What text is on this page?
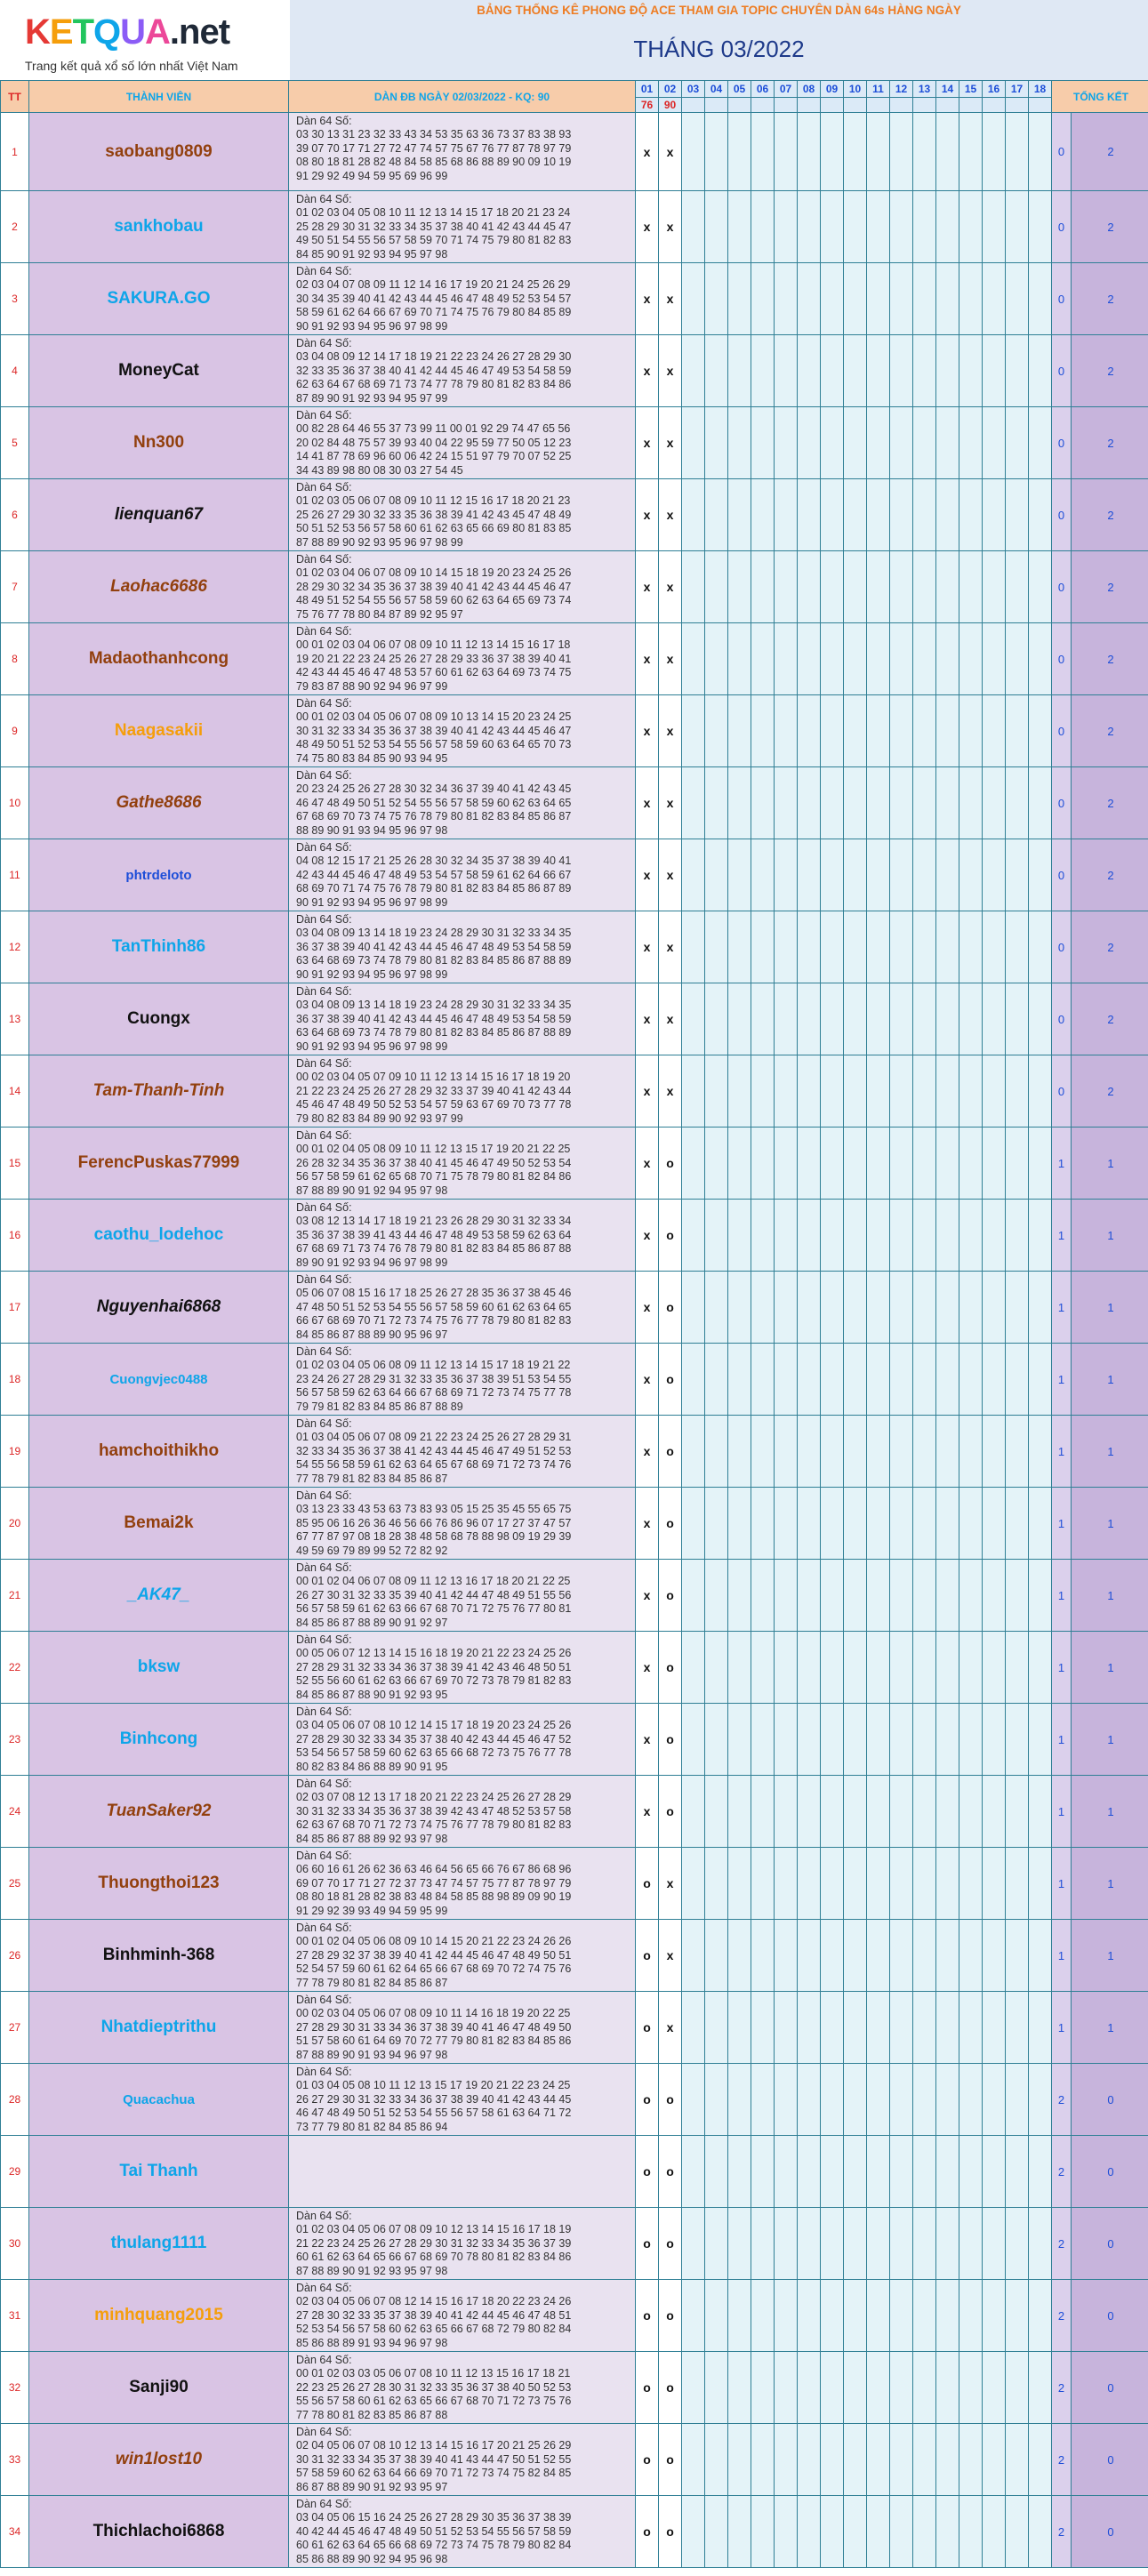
KETQUA.net
Trang kết quả xổ số lớn nhất Việt Nam
BẢNG THỐNG KÊ PHONG ĐỘ ACE THAM GIA TOPIC CHUYÊN DÀN 64s HÀNG NGÀY
THÁNG 03/2022
TT	THÀNH VIÊN	DÀN ĐB NGÀY 02/03/2022 - KQ: 90	01	02	03	04	05	06	07	08	09	10	11	12	13	14	15	16	17	18	TỔNG KẾT	
			76	90																		
1	saobang0809	Dàn 64 Số:
03 30 13 31 23 32 33 43 34 53 35 63 36 73 37 83 38 93
39 07 70 17 71 27 72 47 74 57 75 67 76 77 87 78 97 79
08 80 18 81 28 82 48 84 58 85 68 86 88 89 90 09 10 19
91 29 92 49 94 59 95 69 96 99	x	x																	0	2
2	sankhobau	Dàn 64 Số:
01 02 03 04 05 08 10 11 12 13 14 15 17 18 20 21 23 24
25 28 29 30 31 32 33 34 35 37 38 40 41 42 43 44 45 47
49 50 51 54 55 56 57 58 59 70 71 74 75 79 80 81 82 83
84 85 90 91 92 93 94 95 97 98	x	x																	0	2
3	SAKURA.GO	Dàn 64 Số:
02 03 04 07 08 09 11 12 14 16 17 19 20 21 24 25 26 29
30 34 35 39 40 41 42 43 44 45 46 47 48 49 52 53 54 57
58 59 61 62 64 66 67 69 70 71 74 75 76 79 80 84 85 89
90 91 92 93 94 95 96 97 98 99	x	x																	0	2
4	MoneyCat	Dàn 64 Số:
03 04 08 09 12 14 17 18 19 21 22 23 24 26 27 28 29 30
32 33 35 36 37 38 40 41 42 44 45 46 47 49 53 54 58 59
62 63 64 67 68 69 71 73 74 77 78 79 80 81 82 83 84 86
87 89 90 91 92 93 94 95 97 99	x	x																	0	2
5	Nn300	Dàn 64 Số:
00 82 28 64 46 55 37 73 99 11 00 01 92 29 74 47 65 56
20 02 84 48 75 57 39 93 40 04 22 95 59 77 50 05 12 23
14 41 87 78 69 96 60 06 42 24 15 51 97 79 70 07 52 25
34 43 89 98 80 08 30 03 27 54 45	x	x																	0	2
6	lienquan67	Dàn 64 Số:
01 02 03 05 06 07 08 09 10 11 12 15 16 17 18 20 21 23
25 26 27 29 30 32 33 35 36 38 39 41 42 43 45 47 48 49
50 51 52 53 56 57 58 60 61 62 63 65 66 69 80 81 83 85
87 88 89 90 92 93 95 96 97 98 99	x	x																	0	2
7	Laohac6686	Dàn 64 Số:
01 02 03 04 06 07 08 09 10 14 15 18 19 20 23 24 25 26
28 29 30 32 34 35 36 37 38 39 40 41 42 43 44 45 46 47
48 49 51 52 54 55 56 57 58 59 60 62 63 64 65 69 73 74
75 76 77 78 80 84 87 89 92 95 97	x	x																	0	2
8	Madaothanhcong	Dàn 64 Số:
00 01 02 03 04 06 07 08 09 10 11 12 13 14 15 16 17 18
19 20 21 22 23 24 25 26 27 28 29 33 36 37 38 39 40 41
42 43 44 45 46 47 48 53 57 60 61 62 63 64 69 73 74 75
79 83 87 88 90 92 94 96 97 99	x	x																	0	2
9	Naagasakii	Dàn 64 Số:
00 01 02 03 04 05 06 07 08 09 10 13 14 15 20 23 24 25
30 31 32 33 34 35 36 37 38 39 40 41 42 43 44 45 46 47
48 49 50 51 52 53 54 55 56 57 58 59 60 63 64 65 70 73
74 75 80 83 84 85 90 93 94 95	x	x																	0	2
10	Gathe8686	Dàn 64 Số:
20 23 24 25 26 27 28 30 32 34 36 37 39 40 41 42 43 45
46 47 48 49 50 51 52 54 55 56 57 58 59 60 62 63 64 65
67 68 69 70 73 74 75 76 78 79 80 81 82 83 84 85 86 87
88 89 90 91 93 94 95 96 97 98	x	x																	0	2
11	phtrdeloto	Dàn 64 Số:
04 08 12 15 17 21 25 26 28 30 32 34 35 37 38 39 40 41
42 43 44 45 46 47 48 49 53 54 57 58 59 61 62 64 66 67
68 69 70 71 74 75 76 78 79 80 81 82 83 84 85 86 87 89
90 91 92 93 94 95 96 97 98 99	x	x																	0	2
12	TanThinh86	Dàn 64 Số:
03 04 08 09 13 14 18 19 23 24 28 29 30 31 32 33 34 35
36 37 38 39 40 41 42 43 44 45 46 47 48 49 53 54 58 59
63 64 68 69 73 74 78 79 80 81 82 83 84 85 86 87 88 89
90 91 92 93 94 95 96 97 98 99	x	x																	0	2
13	Cuongx	Dàn 64 Số:
03 04 08 09 13 14 18 19 23 24 28 29 30 31 32 33 34 35
36 37 38 39 40 41 42 43 44 45 46 47 48 49 53 54 58 59
63 64 68 69 73 74 78 79 80 81 82 83 84 85 86 87 88 89
90 91 92 93 94 95 96 97 98 99	x	x																	0	2
14	Tam-Thanh-Tinh	Dàn 64 Số:
00 02 03 04 05 07 09 10 11 12 13 14 15 16 17 18 19 20
21 22 23 24 25 26 27 28 29 32 33 37 39 40 41 42 43 44
45 46 47 48 49 50 52 53 54 57 59 63 67 69 70 73 77 78
79 80 82 83 84 89 90 92 93 97 99	x	x																	0	2
15	FerencPuskas77999	Dàn 64 Số:
00 01 02 04 05 08 09 10 11 12 13 15 17 19 20 21 22 25
26 28 32 34 35 36 37 38 40 41 45 46 47 49 50 52 53 54
56 57 58 59 61 62 65 68 70 71 75 78 79 80 81 82 84 86
87 88 89 90 91 92 94 95 97 98	x	o																	1	1
16	caothu_lodehoc	Dàn 64 Số:
03 08 12 13 14 17 18 19 21 23 26 28 29 30 31 32 33 34
35 36 37 38 39 41 43 44 46 47 48 49 53 58 59 62 63 64
67 68 69 71 73 74 76 78 79 80 81 82 83 84 85 86 87 88
89 90 91 92 93 94 96 97 98 99	x	o																	1	1
17	Nguyenhai6868	Dàn 64 Số:
05 06 07 08 15 16 17 18 25 26 27 28 35 36 37 38 45 46
47 48 50 51 52 53 54 55 56 57 58 59 60 61 62 63 64 65
66 67 68 69 70 71 72 73 74 75 76 77 78 79 80 81 82 83
84 85 86 87 88 89 90 95 96 97	x	o																	1	1
18	Cuongvjec0488	Dàn 64 Số:
01 02 03 04 05 06 08 09 11 12 13 14 15 17 18 19 21 22
23 24 26 27 28 29 31 32 33 35 36 37 38 39 51 53 54 55
56 57 58 59 62 63 64 66 67 68 69 71 72 73 74 75 77 78
79 79 81 82 83 84 85 86 87 88 89	x	o																	1	1
19	hamchoithikho	Dàn 64 Số:
01 03 04 05 06 07 08 09 21 22 23 24 25 26 27 28 29 31
32 33 34 35 36 37 38 41 42 43 44 45 46 47 49 51 52 53
54 55 56 58 59 61 62 63 64 65 67 68 69 71 72 73 74 76
77 78 79 81 82 83 84 85 86 87	x	o																	1	1
20	Bemai2k	Dàn 64 Số:
03 13 23 33 43 53 63 73 83 93 05 15 25 35 45 55 65 75
85 95 06 16 26 36 46 56 66 76 86 96 07 17 27 37 47 57
67 77 87 97 08 18 28 38 48 58 68 78 88 98 09 19 29 39
49 59 69 79 89 99 52 72 82 92	x	o																	1	1
21	_AK47_	Dàn 64 Số:
00 01 02 04 06 07 08 09 11 12 13 16 17 18 20 21 22 25
26 27 30 31 32 33 35 39 40 41 42 44 47 48 49 51 55 56
56 57 58 59 61 62 63 66 67 68 70 71 72 75 76 77 80 81
84 85 86 87 88 89 90 91 92 97	x	o																	1	1
22	bksw	Dàn 64 Số:
00 05 06 07 12 13 14 15 16 18 19 20 21 22 23 24 25 26
27 28 29 31 32 33 34 36 37 38 39 41 42 43 46 48 50 51
52 55 56 60 61 62 63 66 67 69 70 72 73 78 79 81 82 83
84 85 86 87 88 90 91 92 93 95	x	o																	1	1
23	Binhcong	Dàn 64 Số:
03 04 05 06 07 08 10 12 14 15 17 18 19 20 23 24 25 26
27 28 29 30 32 33 34 35 37 38 40 42 43 44 45 46 47 52
53 54 56 57 58 59 60 62 63 65 66 68 72 73 75 76 77 78
80 82 83 84 86 88 89 90 91 95	x	o																	1	1
24	TuanSaker92	Dàn 64 Số:
02 03 07 08 12 13 17 18 20 21 22 23 24 25 26 27 28 29
30 31 32 33 34 35 36 37 38 39 42 43 47 48 52 53 57 58
62 63 67 68 70 71 72 73 74 75 76 77 78 79 80 81 82 83
84 85 86 87 88 89 92 93 97 98	x	o																	1	1
25	Thuongthoi123	Dàn 64 Số:
06 60 16 61 26 62 36 63 46 64 56 65 66 76 67 86 68 96
69 07 70 17 71 27 72 37 73 47 74 57 75 77 87 78 97 79
08 80 18 81 28 82 38 83 48 84 58 85 88 98 89 09 90 19
91 29 92 39 93 49 94 59 95 99	o	x																	1	1
26	Binhminh-368	Dàn 64 Số:
00 01 02 04 05 06 08 09 10 14 15 20 21 22 23 24 26 26
27 28 29 32 37 38 39 40 41 42 44 45 46 47 48 49 50 51
52 54 57 59 60 61 62 64 65 66 67 68 69 70 72 74 75 76
77 78 79 80 81 82 84 85 86 87	o	x																	1	1
27	Nhatdieptrithu	Dàn 64 Số:
00 02 03 04 05 06 07 08 09 10 11 14 16 18 19 20 22 25
27 28 29 30 31 33 34 36 37 38 39 40 41 46 47 48 49 50
51 57 58 60 61 64 69 70 72 77 79 80 81 82 83 84 85 86
87 88 89 90 91 93 94 96 97 98	o	x																	1	1
28	Quacachua	Dàn 64 Số:
01 03 04 05 08 10 11 12 13 15 17 19 20 21 22 23 24 25
26 27 29 30 31 32 33 34 36 37 38 39 40 41 42 43 44 45
46 47 48 49 50 51 52 53 54 55 56 57 58 61 63 64 71 72
73 77 79 80 81 82 84 85 86 94	o	o																	2	0
29	Tai Thanh		o	o																	2	0
30	thulang1111	Dàn 64 Số:
01 02 03 04 05 06 07 08 09 10 12 13 14 15 16 17 18 19
21 22 23 24 25 26 27 28 29 30 31 32 33 34 35 36 37 39
60 61 62 63 64 65 66 67 68 69 70 78 80 81 82 83 84 86
87 88 89 90 91 92 93 95 97 98	o	o																	2	0
31	minhquang2015	Dàn 64 Số:
02 03 04 05 06 07 08 12 14 15 16 17 18 20 22 23 24 26
27 28 30 32 33 35 37 38 39 40 41 42 44 45 46 47 48 51
52 53 54 56 57 58 60 62 63 65 66 67 68 72 79 80 82 84
85 86 88 89 91 93 94 96 97 98	o	o																	2	0
32	Sanji90	Dàn 64 Số:
00 01 02 03 03 05 06 07 08 10 11 12 13 15 16 17 18 21
22 23 25 26 27 28 30 31 32 33 35 36 37 38 40 50 52 53
55 56 57 58 60 61 62 63 65 66 67 68 70 71 72 73 75 76
77 78 80 81 82 83 85 86 87 88	o	o																	2	0
33	win1lost10	Dàn 64 Số:
02 04 05 06 07 08 10 12 13 14 15 16 17 20 21 25 26 29
30 31 32 33 34 35 37 38 39 40 41 43 44 47 50 51 52 55
57 58 59 60 62 63 64 66 69 70 71 72 73 74 75 82 84 85
86 87 88 89 90 91 92 93 95 97	o	o																	2	0
34	Thichlachoi6868	Dàn 64 Số:
03 04 05 06 15 16 24 25 26 27 28 29 30 35 36 37 38 39
40 42 44 45 46 47 48 49 50 51 52 53 54 55 56 57 58 59
60 61 62 63 64 65 66 68 69 72 73 74 75 78 79 80 82 84
85 86 88 89 90 92 94 95 96 98	o	o																	2	0
